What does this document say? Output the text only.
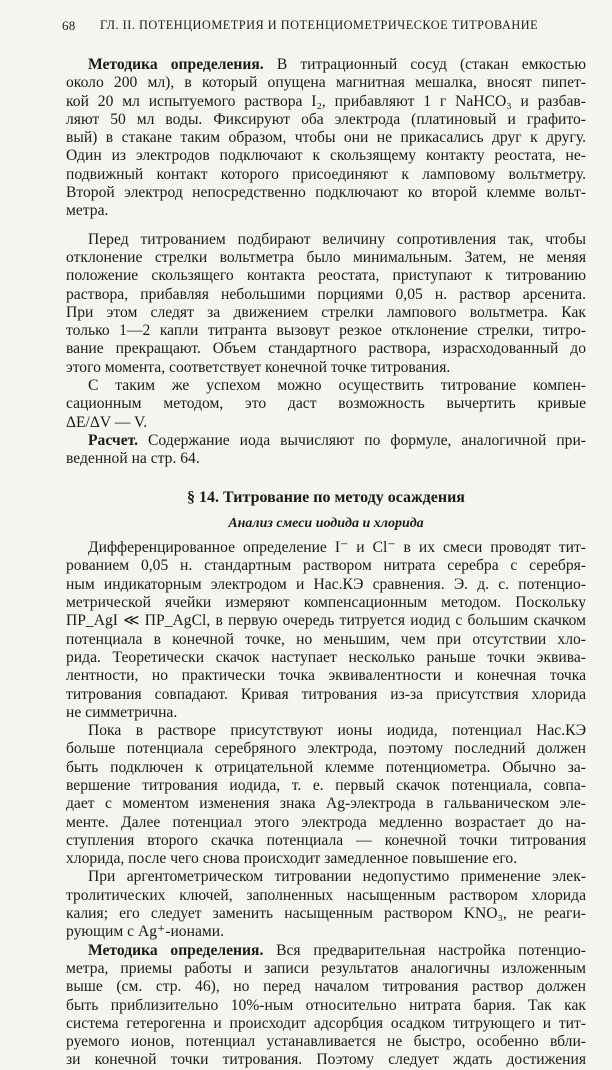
68 ГЛ. II. ПОТЕНЦИОМЕТРИЯ И ПОТЕНЦИОМЕТРИЧЕСКОЕ ТИТРОВАНИЕ

Методика определения. В титрационный сосуд (стакан емкостью
около 200 мл), в который опущена магнитная мешалка, вносят пипет-
кой 20 мл испытуемого раствора I₂, прибавляют 1 г NaHCO₃ и разбав-
ляют 50 мл воды. Фиксируют оба электрода (платиновый и графито-
вый) в стакане таким образом, чтобы они не прикасались друг к другу.
Один из электродов подключают к скользящему контакту реостата, не-
подвижный контакт которого присоединяют к ламповому вольтметру.
Второй электрод непосредственно подключают ко второй клемме вольт-
метра.

Перед титрованием подбирают величину сопротивления так, чтобы
отклонение стрелки вольтметра было минимальным. Затем, не меняя
положение скользящего контакта реостата, приступают к титрованию
раствора, прибавляя небольшими порциями 0,05 н. раствор арсенита.
При этом следят за движением стрелки лампового вольтметра. Как
только 1—2 капли титранта вызовут резкое отклонение стрелки, титро-
вание прекращают. Объем стандартного раствора, израсходованный до
этого момента, соответствует конечной точке титрования.

С таким же успехом можно осуществить титрование компен-
сационным методом, это даст возможность вычертить кривые
ΔE/ΔV — V.

Расчет. Содержание иода вычисляют по формуле, аналогичной при-
веденной на стр. 64.

§ 14. Титрование по методу осаждения
Анализ смеси иодида и хлорида

Дифференцированное определение I⁻ и Cl⁻ в их смеси проводят тит-
рованием 0,05 н. стандартным раствором нитрата серебра с серебря-
ным индикаторным электродом и Нас.КЭ сравнения. Э. д. с. потенцио-
метрической ячейки измеряют компенсационным методом. Поскольку
ПР_AgI ≪ ПР_AgCl, в первую очередь титруется иодид с большим скачком
потенциала в конечной точке, но меньшим, чем при отсутствии хло-
рида. Теоретически скачок наступает несколько раньше точки эквива-
лентности, но практически точка эквивалентности и конечная точка
титрования совпадают. Кривая титрования из-за присутствия хлорида
не симметрична.

Пока в растворе присутствуют ионы иодида, потенциал Нас.КЭ
больше потенциала серебряного электрода, поэтому последний должен
быть подключен к отрицательной клемме потенциометра. Обычно за-
вершение титрования иодида, т. е. первый скачок потенциала, совпа-
дает с моментом изменения знака Ag-электрода в гальваническом эле-
менте. Далее потенциал этого электрода медленно возрастает до на-
ступления второго скачка потенциала — конечной точки титрования
хлорида, после чего снова происходит замедленное повышение его.

При аргентометрическом титровании недопустимо применение элек-
тролитических ключей, заполненных насыщенным раствором хлорида
калия; его следует заменить насыщенным раствором KNO₃, не реаги-
рующим с Ag⁺-ионами.

Методика определения. Вся предварительная настройка потенцио-
метра, приемы работы и записи результатов аналогичны изложенным
выше (см. стр. 46), но перед началом титрования раствор должен
быть приблизительно 10%-ным относительно нитрата бария. Так как
система гетерогенна и происходит адсорбция осадком титрующего и тит-
руемого ионов, потенциал устанавливается не быстро, особенно вбли-
зи конечной точки титрования. Поэтому следует ждать достижения
